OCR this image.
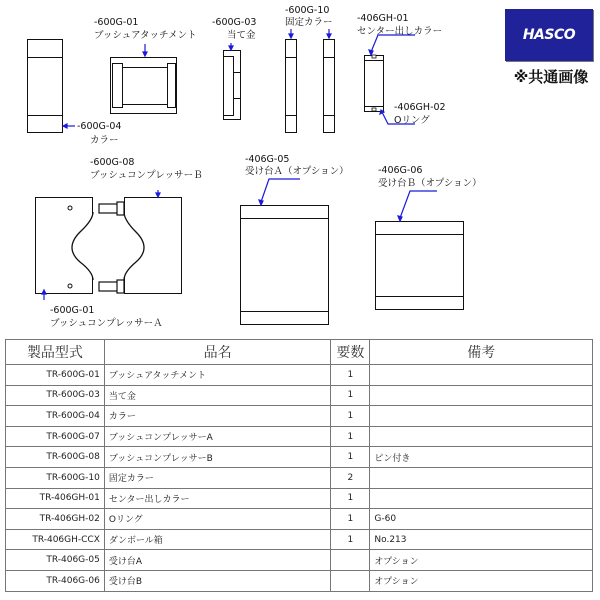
-600G-01
ブッシュアタッチメント
-600G-03
当て金
-600G-10
固定カラー	-406GH-01
センター出しカラー
-406GH-02
Oリング
-600G-04
カラー
-600G-08
ブッシュコンプレッサーＢ
-600G-01
ブッシュコンプレッサーＡ
-406G-05
受け台Ａ（オプション）	-406G-06
受け台Ｂ（オプション）
HASCO
※共通画像
製品型式	品名	要数	備考
TR-600G-01	ブッシュアタッチメント	1	
TR-600G-03	当て金	1	
TR-600G-04	カラー	1	
TR-600G-07	ブッシュコンプレッサーA	1	
TR-600G-08	ブッシュコンプレッサーB	1	ピン付き
TR-600G-10	固定カラー	2	
TR-406GH-01	センター出しカラー	1	
TR-406GH-02	Oリング	1	G-60
TR-406GH-CCX	ダンボール箱	1	No.213
TR-406G-05	受け台A		オプション
TR-406G-06	受け台B		オプション
